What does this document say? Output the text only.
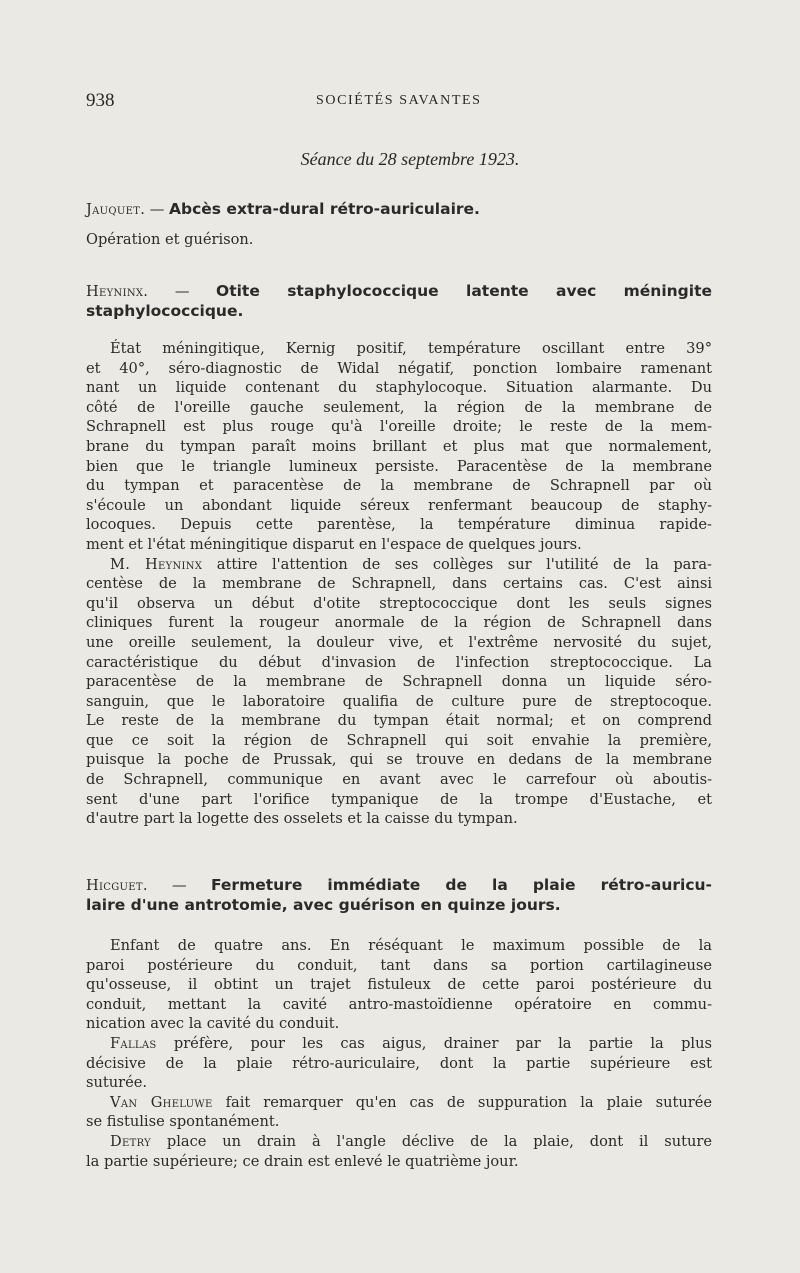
938	SOCIÉTÉS SAVANTES
Séance du 28 septembre 1923.
Jauquet. — Abcès extra-dural rétro-auriculaire.
Opération et guérison.
Heyninx. — Otite staphylococcique latente avec méningite
staphylococcique.
État méningitique, Kernig positif, température oscillant entre 39°
et 40°, séro-diagnostic de Widal négatif, ponction lombaire ramenant
nant un liquide contenant du staphylocoque. Situation alarmante. Du
côté de l'oreille gauche seulement, la région de la membrane de
Schrapnell est plus rouge qu'à l'oreille droite; le reste de la mem-
brane du tympan paraît moins brillant et plus mat que normalement,
bien que le triangle lumineux persiste. Paracentèse de la membrane
du tympan et paracentèse de la membrane de Schrapnell par où
s'écoule un abondant liquide séreux renfermant beaucoup de staphy-
locoques. Depuis cette parentèse, la température diminua rapide-
ment et l'état méningitique disparut en l'espace de quelques jours.
M. Heyninx attire l'attention de ses collèges sur l'utilité de la para-
centèse de la membrane de Schrapnell, dans certains cas. C'est ainsi
qu'il observa un début d'otite streptococcique dont les seuls signes
cliniques furent la rougeur anormale de la région de Schrapnell dans
une oreille seulement, la douleur vive, et l'extrême nervosité du sujet,
caractéristique du début d'invasion de l'infection streptococcique. La
paracentèse de la membrane de Schrapnell donna un liquide séro-
sanguin, que le laboratoire qualifia de culture pure de streptocoque.
Le reste de la membrane du tympan était normal; et on comprend
que ce soit la région de Schrapnell qui soit envahie la première,
puisque la poche de Prussak, qui se trouve en dedans de la membrane
de Schrapnell, communique en avant avec le carrefour où aboutis-
sent d'une part l'orifice tympanique de la trompe d'Eustache, et
d'autre part la logette des osselets et la caisse du tympan.
Hicguet. — Fermeture immédiate de la plaie rétro-auricu-
laire d'une antrotomie, avec guérison en quinze jours.
Enfant de quatre ans. En réséquant le maximum possible de la
paroi postérieure du conduit, tant dans sa portion cartilagineuse
qu'osseuse, il obtint un trajet fistuleux de cette paroi postérieure du
conduit, mettant la cavité antro-mastoïdienne opératoire en commu-
nication avec la cavité du conduit.
Fallas préfère, pour les cas aigus, drainer par la partie la plus
décisive de la plaie rétro-auriculaire, dont la partie supérieure est
suturée.
Van Gheluwe fait remarquer qu'en cas de suppuration la plaie suturée
se fistulise spontanément.
Detry place un drain à l'angle déclive de la plaie, dont il suture
la partie supérieure; ce drain est enlevé le quatrième jour.
